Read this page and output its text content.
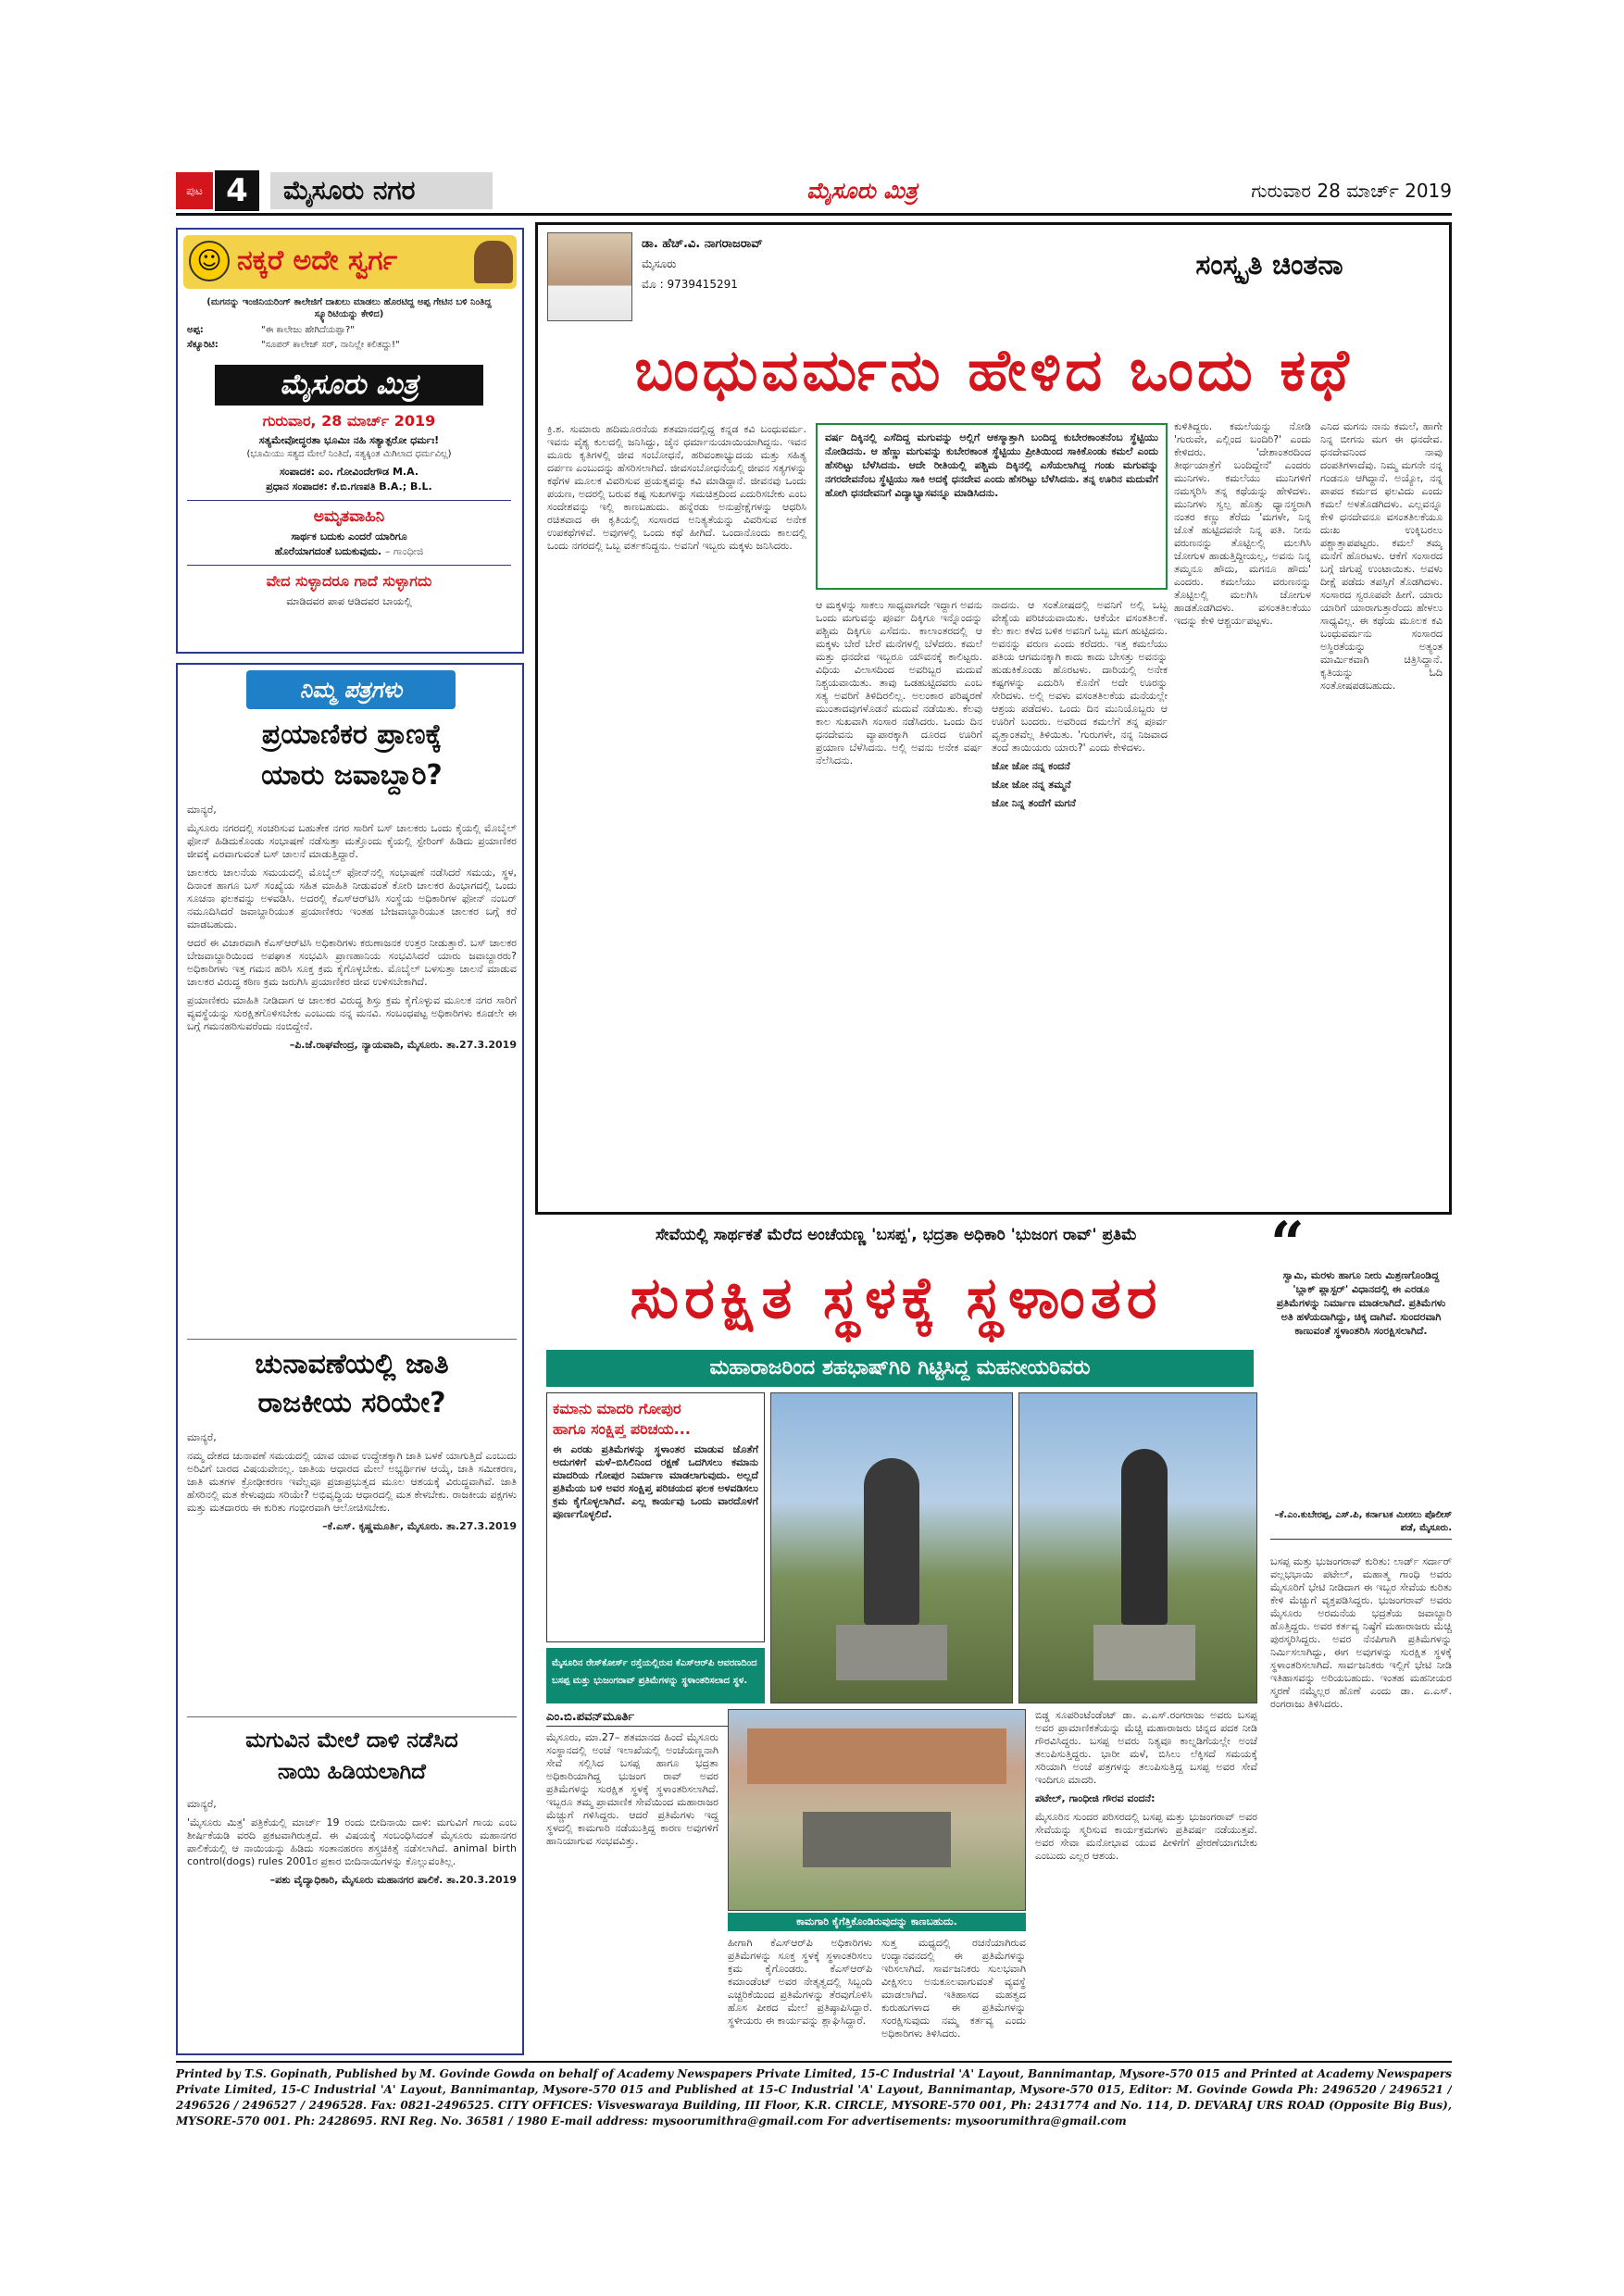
ಪುಟ 4	ಮೈಸೂರು ನಗರ	ಮೈಸೂರು ಮಿತ್ರ	ಗುರುವಾರ 28 ಮಾರ್ಚ್ 2019
☺ ನಕ್ಕರೆ ಅದೇ ಸ್ವರ್ಗ

(ಮಗನನ್ನು ಇಂಜಿನಿಯರಿಂಗ್ ಕಾಲೇಜಿಗೆ ದಾಖಲು ಮಾಡಲು ಹೊರಟಿದ್ದ ಅಪ್ಪ ಗೇಟಿನ ಬಳಿ ನಿಂತಿದ್ದ ಸ್ಕ್ಯೂರಿಟಿಯನ್ನು ಕೇಳಿದ)

ಅಪ್ಪ:	"ಈ ಕಾಲೇಜು ಹೇಗಿದೆಯಪ್ಪಾ?"
ಸೆಕ್ಯೂರಿಟಿ:	"ಸೂಪರ್ ಕಾಲೇಜ್ ಸರ್, ನಾನಿಲ್ಲೇ ಕಲಿತದ್ದು!"
ಮೈಸೂರು ಮಿತ್ರ
ಗುರುವಾರ, 28 ಮಾರ್ಚ್ 2019
ಸತ್ಯಮೇವೋದ್ಧರತಾ ಭೂಮಿಃ ನಹಿ ಸತ್ಯಾತ್ಪರೋ ಧರ್ಮಃ!
(ಭೂಮಿಯು ಸತ್ಯದ ಮೇಲೆ ನಿಂತಿದೆ, ಸತ್ಯಕ್ಕಿಂತ ಮಿಗಿಲಾದ ಧರ್ಮವಿಲ್ಲ)
ಸಂಪಾದಕ: ಎಂ. ಗೋವಿಂದೇಗೌಡ M.A.
ಪ್ರಧಾನ ಸಂಪಾದಕ: ಕೆ.ಬಿ.ಗಣಪತಿ B.A.; B.L.
ಅಮೃತವಾಹಿನಿ
ಸಾರ್ಥಕ ಬದುಕು ಎಂದರೆ ಯಾರಿಗೂ
ಹೊರೆಯಾಗದಂತೆ ಬದುಕುವುದು. – ಗಾಂಧೀಜಿ
ವೇದ ಸುಳ್ಳಾದರೂ ಗಾದೆ ಸುಳ್ಳಾಗದು
ಮಾಡಿದವರ ಪಾಪ ಆಡಿದವರ ಬಾಯಲ್ಲಿ
ನಿಮ್ಮ ಪತ್ರಗಳು
ಪ್ರಯಾಣಿಕರ ಪ್ರಾಣಕ್ಕೆ
ಯಾರು ಜವಾಬ್ದಾರಿ?

ಮಾನ್ಯರೆ,

ಮೈಸೂರು ನಗರದಲ್ಲಿ ಸಂಚರಿಸುವ ಬಹುತೇಕ ನಗರ ಸಾರಿಗೆ ಬಸ್ ಚಾಲಕರು ಒಂದು ಕೈಯಲ್ಲಿ ಮೊಬೈಲ್ ಫೋನ್ ಹಿಡಿದುಕೊಂಡು ಸಂಭಾಷಣೆ ನಡೆಸುತ್ತಾ ಮತ್ತೊಂದು ಕೈಯಲ್ಲಿ ಸ್ಟೇರಿಂಗ್ ಹಿಡಿದು ಪ್ರಯಾಣಿಕರ ಜೀವಕ್ಕೆ ಎರವಾಗುವಂತೆ ಬಸ್ ಚಾಲನೆ ಮಾಡುತ್ತಿದ್ದಾರೆ.

ಚಾಲಕರು ಚಾಲನೆಯ ಸಮಯದಲ್ಲಿ ಮೊಬೈಲ್ ಫೋನ್‌ನಲ್ಲಿ ಸಂಭಾಷಣೆ ನಡೆಸಿದರೆ ಸಮಯ, ಸ್ಥಳ, ದಿನಾಂಕ ಹಾಗೂ ಬಸ್ ಸಂಖ್ಯೆಯ ಸಹಿತ ಮಾಹಿತಿ ನೀಡುವಂತೆ ಕೋರಿ ಚಾಲಕರ ಹಿಂಭಾಗದಲ್ಲಿ ಒಂದು ಸೂಚನಾ ಫಲಕವನ್ನು ಅಳವಡಿಸಿ. ಅದರಲ್ಲಿ ಕೆಎಸ್ಆರ್‌ಟಿಸಿ ಸಂಸ್ಥೆಯ ಅಧಿಕಾರಿಗಳ ಫೋನ್ ನಂಬರ್ ನಮೂದಿಸಿದರೆ ಜವಾಬ್ದಾರಿಯುತ ಪ್ರಯಾಣಿಕರು ಇಂತಹ ಬೇಜವಾಬ್ದಾರಿಯುತ ಚಾಲಕರ ಬಗ್ಗೆ ಕರೆ ಮಾಡಬಹುದು.

ಆದರೆ ಈ ವಿಚಾರವಾಗಿ ಕೆಎಸ್ಆರ್‌ಟಿಸಿ ಅಧಿಕಾರಿಗಳು ಕರುಣಾಜನಕ ಉತ್ತರ ನೀಡುತ್ತಾರೆ. ಬಸ್ ಚಾಲಕರ ಬೇಜವಾಬ್ದಾರಿಯಿಂದ ಅಪಘಾತ ಸಂಭವಿಸಿ ಪ್ರಾಣಹಾನಿಯ ಸಂಭವಿಸಿದರೆ ಯಾರು ಜವಾಬ್ದಾರರು? ಅಧಿಕಾರಿಗಳು ಇತ್ತ ಗಮನ ಹರಿಸಿ ಸೂಕ್ತ ಕ್ರಮ ಕೈಗೊಳ್ಳಬೇಕು. ಮೊಬೈಲ್ ಬಳಸುತ್ತಾ ಚಾಲನೆ ಮಾಡುವ ಚಾಲಕರ ವಿರುದ್ಧ ಕಠಿಣ ಕ್ರಮ ಜರುಗಿಸಿ ಪ್ರಯಾಣಿಕರ ಜೀವ ಉಳಿಸಬೇಕಾಗಿದೆ.

ಪ್ರಯಾಣಿಕರು ಮಾಹಿತಿ ನೀಡಿದಾಗ ಆ ಚಾಲಕರ ವಿರುದ್ಧ ಶಿಸ್ತು ಕ್ರಮ ಕೈಗೊಳ್ಳುವ ಮೂಲಕ ನಗರ ಸಾರಿಗೆ ವ್ಯವಸ್ಥೆಯನ್ನು ಸುರಕ್ಷಿತಗೊಳಿಸಬೇಕು ಎಂಬುದು ನನ್ನ ಮನವಿ. ಸಂಬಂಧಪಟ್ಟ ಅಧಿಕಾರಿಗಳು ಕೂಡಲೇ ಈ ಬಗ್ಗೆ ಗಮನಹರಿಸುವರೆಂದು ನಂಬಿದ್ದೇನೆ.

–ಪಿ.ಜೆ.ರಾಘವೇಂದ್ರ, ನ್ಯಾಯವಾದಿ, ಮೈಸೂರು. ತಾ.27.3.2019

ಚುನಾವಣೆಯಲ್ಲಿ ಜಾತಿ
ರಾಜಕೀಯ ಸರಿಯೇ?

ಮಾನ್ಯರೆ,

ನಮ್ಮ ದೇಶದ ಚುನಾವಣೆ ಸಮಯದಲ್ಲಿ ಯಾವ ಯಾವ ಉದ್ದೇಶಕ್ಕಾಗಿ ಜಾತಿ ಬಳಕೆ ಯಾಗುತ್ತಿದೆ ಎಂಬುದು ಅರಿವಿಗೆ ಬಾರದ ವಿಷಯವೇನಲ್ಲ. ಜಾತಿಯ ಆಧಾರದ ಮೇಲೆ ಅಭ್ಯರ್ಥಿಗಳ ಆಯ್ಕೆ, ಜಾತಿ ಸಮೀಕರಣ, ಜಾತಿ ಮತಗಳ ಕ್ರೋಢೀಕರಣ ಇವೆಲ್ಲವೂ ಪ್ರಜಾಪ್ರಭುತ್ವದ ಮೂಲ ಆಶಯಕ್ಕೆ ವಿರುದ್ಧವಾಗಿವೆ. ಜಾತಿ ಹೆಸರಿನಲ್ಲಿ ಮತ ಕೇಳುವುದು ಸರಿಯೇ? ಅಭಿವೃದ್ಧಿಯ ಆಧಾರದಲ್ಲಿ ಮತ ಕೇಳಬೇಕು. ರಾಜಕೀಯ ಪಕ್ಷಗಳು ಮತ್ತು ಮತದಾರರು ಈ ಕುರಿತು ಗಂಭೀರವಾಗಿ ಆಲೋಚಿಸಬೇಕು.

–ಕೆ.ಎಸ್. ಕೃಷ್ಣಮೂರ್ತಿ, ಮೈಸೂರು. ತಾ.27.3.2019

ಮಗುವಿನ ಮೇಲೆ ದಾಳಿ ನಡೆಸಿದ
ನಾಯಿ ಹಿಡಿಯಲಾಗಿದೆ

ಮಾನ್ಯರೆ,

'ಮೈಸೂರು ಮಿತ್ರ' ಪತ್ರಿಕೆಯಲ್ಲಿ ಮಾರ್ಚ್ 19 ರಂದು ಬೀದಿನಾಯಿ ದಾಳಿ: ಮಗುವಿಗೆ ಗಾಯ ಎಂಬ ಶೀರ್ಷಿಕೆಯಡಿ ವರದಿ ಪ್ರಕಟವಾಗಿರುತ್ತದೆ. ಈ ವಿಷಯಕ್ಕೆ ಸಂಬಂಧಿಸಿದಂತೆ ಮೈಸೂರು ಮಹಾನಗರ ಪಾಲಿಕೆಯಲ್ಲಿ ಆ ನಾಯಿಯನ್ನು ಹಿಡಿದು ಸಂತಾನಹರಣ ಶಸ್ತ್ರಚಿಕಿತ್ಸೆ ನಡೆಸಲಾಗಿದೆ. animal birth control(dogs) rules 2001ರ ಪ್ರಕಾರ ಬೀದಿನಾಯಿಗಳನ್ನು ಕೊಲ್ಲುವಂತಿಲ್ಲ.

–ಪಶು ವೈದ್ಯಾಧಿಕಾರಿ, ಮೈಸೂರು ಮಹಾನಗರ ಪಾಲಿಕೆ. ತಾ.20.3.2019

ಡಾ. ಹೆಚ್.ವಿ. ನಾಗರಾಜರಾವ್
ಮೈಸೂರು
ಮೊ : 9739415291
ಸಂಸ್ಕೃತಿ ಚಿಂತನಾ
ಬಂಧುವರ್ಮನು ಹೇಳಿದ ಒಂದು ಕಥೆ

ವರ್ಷ ದಿಕ್ಕಿನಲ್ಲಿ ಎಸೆದಿದ್ದ ಮಗುವನ್ನು ಅಲ್ಲಿಗೆ ಆಕಸ್ಮಾತ್ತಾಗಿ ಬಂದಿದ್ದ ಕುಬೇರಕಾಂತನೆಂಬ ಸ್ಥೆಟ್ಟಿಯು ನೋಡಿದನು. ಆ ಹೆಣ್ಣು ಮಗುವನ್ನು ಕುಬೇರಕಾಂತ ಸ್ಥೆಟ್ಟಿಯು ಪ್ರೀತಿಯಿಂದ ಸಾಕಿಕೊಂಡು ಕಮಲೆ ಎಂದು ಹೆಸರಿಟ್ಟು ಬೆಳೆಸಿದನು. ಆದೇ ರೀತಿಯಲ್ಲಿ ಪಶ್ಚಿಮ ದಿಕ್ಕಿನಲ್ಲಿ ಎಸೆಯಲಾಗಿದ್ದ ಗಂಡು ಮಗುವನ್ನು ನಗರದೇವನೆಂಬ ಸ್ಥೆಟ್ಟಿಯು ಸಾಕಿ ಅದಕ್ಕೆ ಧನದೇವ ಎಂದು ಹೆಸರಿಟ್ಟು ಬೆಳೆಸಿದನು. ತನ್ನ ಊರಿನ ಮದುವೆಗೆ ಹೋಗಿ ಧನದೇವನಿಗೆ ವಿದ್ಯಾಭ್ಯಾಸವನ್ನೂ ಮಾಡಿಸಿದನು.

ಕ್ರಿ.ಶ. ಸುಮಾರು ಹದಿಮೂರನೆಯ ಶತಮಾನದಲ್ಲಿದ್ದ ಕನ್ನಡ ಕವಿ ಬಂಧುವರ್ಮ. ಇವನು ವೈಶ್ಯ ಕುಲದಲ್ಲಿ ಜನಿಸಿದ್ದು, ಜೈನ ಧರ್ಮಾನುಯಾಯಿಯಾಗಿದ್ದನು. ಇವನ ಮೂರು ಕೃತಿಗಳಲ್ಲಿ ಜೀವ ಸಂಬೋಧನೆ, ಹರಿವಂಶಾಭ್ಯುದಯ ಮತ್ತು ಸಹಿತ್ಯ ದರ್ಪಣ ಎಂಬುದನ್ನು ಹೆಸರಿಸಲಾಗಿದೆ. ಜೀವಸಂಬೋಧನೆಯಲ್ಲಿ ಜೀವನ ಸತ್ಯಗಳನ್ನು ಕಥೆಗಳ ಮೂಲಕ ವಿವರಿಸುವ ಪ್ರಯತ್ನವನ್ನು ಕವಿ ಮಾಡಿದ್ದಾನೆ. ಜೀವನವು ಒಂದು ಪಯಣ, ಅದರಲ್ಲಿ ಬರುವ ಕಷ್ಟ ಸುಖಗಳನ್ನು ಸಮಚಿತ್ತದಿಂದ ಎದುರಿಸಬೇಕು ಎಂಬ ಸಂದೇಶವನ್ನು ಇಲ್ಲಿ ಕಾಣಬಹುದು. ಹನ್ನೆರಡು ಅನುಪ್ರೇಕ್ಷೆಗಳನ್ನು ಆಧರಿಸಿ ರಚಿತವಾದ ಈ ಕೃತಿಯಲ್ಲಿ ಸಂಸಾರದ ಅನಿತ್ಯತೆಯನ್ನು ವಿವರಿಸುವ ಅನೇಕ ಉಪಕಥೆಗಳಿವೆ. ಅವುಗಳಲ್ಲಿ ಒಂದು ಕಥೆ ಹೀಗಿದೆ. ಒಂದಾನೊಂದು ಕಾಲದಲ್ಲಿ ಒಂದು ನಗರದಲ್ಲಿ ಒಬ್ಬ ವರ್ತಕನಿದ್ದನು. ಅವನಿಗೆ ಇಬ್ಬರು ಮಕ್ಕಳು ಜನಿಸಿದರು.

ಆ ಮಕ್ಕಳನ್ನು ಸಾಕಲು ಸಾಧ್ಯವಾಗದೇ ಇದ್ದಾಗ ಅವನು ಒಂದು ಮಗುವನ್ನು ಪೂರ್ವ ದಿಕ್ಕಿಗೂ ಇನ್ನೊಂದನ್ನು ಪಶ್ಚಿಮ ದಿಕ್ಕಿಗೂ ಎಸೆದನು. ಕಾಲಾಂತರದಲ್ಲಿ ಆ ಮಕ್ಕಳು ಬೇರೆ ಬೇರೆ ಮನೆಗಳಲ್ಲಿ ಬೆಳೆದರು. ಕಮಲೆ ಮತ್ತು ಧನದೇವ ಇಬ್ಬರೂ ಯೌವನಕ್ಕೆ ಕಾಲಿಟ್ಟರು. ವಿಧಿಯ ವಿಲಾಸದಿಂದ ಅವರಿಬ್ಬರ ಮದುವೆ ನಿಶ್ಚಯವಾಯಿತು. ತಾವು ಒಡಹುಟ್ಟಿದವರು ಎಂಬ ಸತ್ಯ ಅವರಿಗೆ ತಿಳಿದಿರಲಿಲ್ಲ. ಅಲಂಕಾರ ಪರಿಷ್ಕರಣೆ ಮುಂತಾದವುಗಳೊಡನೆ ಮದುವೆ ನಡೆಯಿತು. ಕೆಲವು ಕಾಲ ಸುಖವಾಗಿ ಸಂಸಾರ ನಡೆಸಿದರು. ಒಂದು ದಿನ ಧನದೇವನು ವ್ಯಾಪಾರಕ್ಕಾಗಿ ದೂರದ ಊರಿಗೆ ಪ್ರಯಾಣ ಬೆಳೆಸಿದನು. ಅಲ್ಲಿ ಅವನು ಅನೇಕ ವರ್ಷ ನೆಲೆಸಿದನು.

ನಾದನು. ಆ ಸಂತೋಷದಲ್ಲಿ ಅವನಿಗೆ ಅಲ್ಲಿ ಒಬ್ಬ ವೇಶ್ಯೆಯ ಪರಿಚಯವಾಯಿತು. ಆಕೆಯೇ ವಸಂತತಿಲಕೆ. ಕೆಲ ಕಾಲ ಕಳೆದ ಬಳಿಕ ಅವನಿಗೆ ಒಬ್ಬ ಮಗ ಹುಟ್ಟಿದನು. ಅವನನ್ನು ವರುಣ ಎಂದು ಕರೆದರು. ಇತ್ತ ಕಮಲೆಯು ಪತಿಯ ಆಗಮನಕ್ಕಾಗಿ ಕಾದು ಕಾದು ಬೇಸತ್ತು ಅವನನ್ನು ಹುಡುಕಿಕೊಂಡು ಹೊರಟಳು. ದಾರಿಯಲ್ಲಿ ಅನೇಕ ಕಷ್ಟಗಳನ್ನು ಎದುರಿಸಿ ಕೊನೆಗೆ ಅದೇ ಊರನ್ನು ಸೇರಿದಳು. ಅಲ್ಲಿ ಅವಳು ವಸಂತತಿಲಕೆಯ ಮನೆಯಲ್ಲೇ ಆಶ್ರಯ ಪಡೆದಳು. ಒಂದು ದಿನ ಮುನಿಯೊಬ್ಬರು ಆ ಊರಿಗೆ ಬಂದರು. ಅವರಿಂದ ಕಮಲೆಗೆ ತನ್ನ ಪೂರ್ವ ವೃತ್ತಾಂತವೆಲ್ಲ ತಿಳಿಯಿತು. 'ಗುರುಗಳೇ, ನನ್ನ ನಿಜವಾದ ತಂದೆ ತಾಯಿಯರು ಯಾರು?' ಎಂದು ಕೇಳಿದಳು.

ಜೋ ಜೋ ನನ್ನ ಕಂದನೆ

ಜೋ ಜೋ ನನ್ನ ತಮ್ಮನೆ

ಜೋ ನಿನ್ನ ತಂದೆಗೆ ಮಗನೆ

ಕುಳಿತಿದ್ದರು. ಕಮಲೆಯನ್ನು ನೋಡಿ 'ಗುರುವೇ, ಎಲ್ಲಿಂದ ಬಂದಿರಿ?' ಎಂದು ಕೇಳಿದರು. 'ದೇಶಾಂತರದಿಂದ ತೀರ್ಥಯಾತ್ರೆಗೆ ಬಂದಿದ್ದೇನೆ' ಎಂದರು ಮುನಿಗಳು. ಕಮಲೆಯು ಮುನಿಗಳಿಗೆ ನಮಸ್ಕರಿಸಿ ತನ್ನ ಕಥೆಯನ್ನು ಹೇಳಿದಳು. ಮುನಿಗಳು ಸ್ವಲ್ಪ ಹೊತ್ತು ಧ್ಯಾನಸ್ಥರಾಗಿ ನಂತರ ಕಣ್ಣು ತೆರೆದು 'ಮಗಳೇ, ನಿನ್ನ ಜೊತೆ ಹುಟ್ಟಿದವನೇ ನಿನ್ನ ಪತಿ. ನೀನು ವರುಣನನ್ನು ತೊಟ್ಟಿಲಲ್ಲಿ ಮಲಗಿಸಿ ಜೋಗುಳ ಹಾಡುತ್ತಿದ್ದೀಯಲ್ಲ, ಅವನು ನಿನ್ನ ತಮ್ಮನೂ ಹೌದು, ಮಗನೂ ಹೌದು' ಎಂದರು. ಕಮಲೆಯು ವರುಣನನ್ನು ತೊಟ್ಟಿಲಲ್ಲಿ ಮಲಗಿಸಿ ಜೋಗುಳ ಹಾಡತೊಡಗಿದಳು. ವಸಂತತಿಲಕೆಯು ಇದನ್ನು ಕೇಳಿ ಆಶ್ಚರ್ಯಪಟ್ಟಳು.

ಎನಿದ ಮಗನು ನಾನು ಕಮಲೆ, ಹಾಗೇ ನಿನ್ನ ಬೀಗನು ಮಗ ಈ ಧನದೇವ. ಧನದೇವನಿಂದ ನಾವು ದಂಪತಿಗಳಾದೆವು. ನಿಮ್ಮ ಮಗನೇ ನನ್ನ ಗಂಡನೂ ಆಗಿದ್ದಾನೆ. ಅಯ್ಯೋ, ನನ್ನ ಪಾಪದ ಕರ್ಮದ ಫಲವಿದು ಎಂದು ಕಮಲೆ ಅಳತೊಡಗಿದಳು. ಎಲ್ಲವನ್ನೂ ಕೇಳಿ ಧನದೇವನೂ ವಸಂತತಿಲಕೆಯೂ ದುಃಖ ಉಕ್ಕಿಬರಲು ಪಶ್ಚಾತ್ತಾಪಪಟ್ಟರು. ಕಮಲೆ ತಮ್ಮ ಮನೆಗೆ ಹೊರಟಳು. ಆಕೆಗೆ ಸಂಸಾರದ ಬಗ್ಗೆ ಜಿಗುಪ್ಸೆ ಉಂಟಾಯಿತು. ಅವಳು ದೀಕ್ಷೆ ಪಡೆದು ತಪಸ್ಸಿಗೆ ತೊಡಗಿದಳು. ಸಂಸಾರದ ಸ್ವರೂಪವೇ ಹೀಗೆ. ಯಾರು ಯಾರಿಗೆ ಯಾರಾಗುತ್ತಾರೆಂದು ಹೇಳಲು ಸಾಧ್ಯವಿಲ್ಲ. ಈ ಕಥೆಯ ಮೂಲಕ ಕವಿ ಬಂಧುವರ್ಮನು ಸಂಸಾರದ ಅಸ್ಥಿರತೆಯನ್ನು ಅತ್ಯಂತ ಮಾರ್ಮಿಕವಾಗಿ ಚಿತ್ರಿಸಿದ್ದಾನೆ. ಕೃತಿಯನ್ನು ಓದಿ ಸಂತೋಷಪಡಬಹುದು.

ಸೇವೆಯಲ್ಲಿ ಸಾರ್ಥಕತೆ ಮೆರೆದ ಅಂಚೆಯಣ್ಣ 'ಬಸಪ್ಪ', ಭದ್ರತಾ ಅಧಿಕಾರಿ 'ಭುಜಂಗ ರಾವ್' ಪ್ರತಿಮೆ
ಸುರಕ್ಷಿತ ಸ್ಥಳಕ್ಕೆ ಸ್ಥಳಾಂತರ
ಮಹಾರಾಜರಿಂದ ಶಹಭಾಷ್‌ಗಿರಿ ಗಿಟ್ಟಿಸಿದ್ದ ಮಹನೀಯರಿವರು
ಕಮಾನು ಮಾದರಿ ಗೋಪುರ
ಹಾಗೂ ಸಂಕ್ಷಿಪ್ತ ಪರಿಚಯ...

ಈ ಎರಡು ಪ್ರತಿಮೆಗಳನ್ನು ಸ್ಥಳಾಂತರ ಮಾಡುವ ಜೊತೆಗೆ ಅದುಗಳಿಗೆ ಮಳೆ–ಬಿಸಿಲಿನಿಂದ ರಕ್ಷಣೆ ಒದಗಿಸಲು ಕಮಾನು ಮಾದರಿಯ ಗೋಪುರ ನಿರ್ಮಾಣ ಮಾಡಲಾಗುವುದು. ಅಲ್ಲದೆ ಪ್ರತಿಮೆಯ ಬಳಿ ಅವರ ಸಂಕ್ಷಿಪ್ತ ಪರಿಚಯದ ಫಲಕ ಅಳವಡಿಸಲು ಕ್ರಮ ಕೈಗೊಳ್ಳಲಾಗಿದೆ. ಎಲ್ಲ ಕಾರ್ಯವು ಒಂದು ವಾರದೊಳಗೆ ಪೂರ್ಣಗೊಳ್ಳಲಿದೆ.

ಮೈಸೂರಿನ ರೇಸ್‌ಕೋರ್ಸ್ ರಸ್ತೆಯಲ್ಲಿರುವ ಕೆಎಸ್ಆರ್‌ಪಿ ಆವರಣದಿಂದ ಬಸಪ್ಪ ಮತ್ತು ಭುಜಂಗರಾವ್ ಪ್ರತಿಮೆಗಳನ್ನು ಸ್ಥಳಾಂತರಿಸಲಾದ ಸ್ಥಳ.
ಎಂ.ಬಿ.ಪವನ್‌ಮೂರ್ತಿ

ಮೈಸೂರು, ಮಾ.27– ಶತಮಾನದ ಹಿಂದೆ ಮೈಸೂರು ಸಂಸ್ಥಾನದಲ್ಲಿ ಅಂಚೆ ಇಲಾಖೆಯಲ್ಲಿ ಅಂಚೆಯಣ್ಣನಾಗಿ ಸೇವೆ ಸಲ್ಲಿಸಿದ ಬಸಪ್ಪ ಹಾಗೂ ಭದ್ರತಾ ಅಧಿಕಾರಿಯಾಗಿದ್ದ ಭುಜಂಗ ರಾವ್ ಅವರ ಪ್ರತಿಮೆಗಳನ್ನು ಸುರಕ್ಷಿತ ಸ್ಥಳಕ್ಕೆ ಸ್ಥಳಾಂತರಿಸಲಾಗಿದೆ. ಇಬ್ಬರೂ ತಮ್ಮ ಪ್ರಾಮಾಣಿಕ ಸೇವೆಯಿಂದ ಮಹಾರಾಜರ ಮೆಚ್ಚುಗೆ ಗಳಿಸಿದ್ದರು. ಆದರೆ ಪ್ರತಿಮೆಗಳು ಇದ್ದ ಸ್ಥಳದಲ್ಲಿ ಕಾಮಗಾರಿ ನಡೆಯುತ್ತಿದ್ದ ಕಾರಣ ಅವುಗಳಿಗೆ ಹಾನಿಯಾಗುವ ಸಂಭವವಿತ್ತು.

ಕಾಮಗಾರಿ ಕೈಗೆತ್ತಿಕೊಂಡಿರುವುದನ್ನು ಕಾಣಬಹುದು.

ಹೀಗಾಗಿ ಕೆಎಸ್ಆರ್‌ಪಿ ಅಧಿಕಾರಿಗಳು ಪ್ರತಿಮೆಗಳನ್ನು ಸೂಕ್ತ ಸ್ಥಳಕ್ಕೆ ಸ್ಥಳಾಂತರಿಸಲು ಕ್ರಮ ಕೈಗೊಂಡರು. ಕೆಎಸ್ಆರ್‌ಪಿ ಕಮಾಂಡೆಂಟ್ ಅವರ ನೇತೃತ್ವದಲ್ಲಿ ಸಿಬ್ಬಂದಿ ಎಚ್ಚರಿಕೆಯಿಂದ ಪ್ರತಿಮೆಗಳನ್ನು ತೆರವುಗೊಳಿಸಿ ಹೊಸ ಪೀಠದ ಮೇಲೆ ಪ್ರತಿಷ್ಠಾಪಿಸಿದ್ದಾರೆ. ಸ್ಥಳೀಯರು ಈ ಕಾರ್ಯವನ್ನು ಶ್ಲಾಘಿಸಿದ್ದಾರೆ.

ಸುತ್ತ ಮಧ್ಯದಲ್ಲಿ ರಚನೆಯಾಗಿರುವ ಉದ್ಯಾನವನದಲ್ಲಿ ಈ ಪ್ರತಿಮೆಗಳನ್ನು ಇರಿಸಲಾಗಿದೆ. ಸಾರ್ವಜನಿಕರು ಸುಲಭವಾಗಿ ವೀಕ್ಷಿಸಲು ಅನುಕೂಲವಾಗುವಂತೆ ವ್ಯವಸ್ಥೆ ಮಾಡಲಾಗಿದೆ. ಇತಿಹಾಸದ ಮಹತ್ವದ ಕುರುಹುಗಳಾದ ಈ ಪ್ರತಿಮೆಗಳನ್ನು ಸಂರಕ್ಷಿಸುವುದು ನಮ್ಮ ಕರ್ತವ್ಯ ಎಂದು ಅಧಿಕಾರಿಗಳು ತಿಳಿಸಿದರು.

ಬಿಡ್ಡ ಸೂಪರಿಂಟೆಂಡೆಂಟ್ ಡಾ. ಎ.ಎಸ್.ರಂಗರಾಜು ಅವರು ಬಸಪ್ಪ ಅವರ ಪ್ರಾಮಾಣಿಕತೆಯನ್ನು ಮೆಚ್ಚಿ ಮಹಾರಾಜರು ಚಿನ್ನದ ಪದಕ ನೀಡಿ ಗೌರವಿಸಿದ್ದರು. ಬಸಪ್ಪ ಅವರು ನಿತ್ಯವೂ ಕಾಲ್ನಡಿಗೆಯಲ್ಲೇ ಅಂಚೆ ತಲುಪಿಸುತ್ತಿದ್ದರು. ಭಾರೀ ಮಳೆ, ಬಿಸಿಲು ಲೆಕ್ಕಿಸದೆ ಸಮಯಕ್ಕೆ ಸರಿಯಾಗಿ ಅಂಚೆ ಪತ್ರಗಳನ್ನು ತಲುಪಿಸುತ್ತಿದ್ದ ಬಸಪ್ಪ ಅವರ ಸೇವೆ ಇಂದಿಗೂ ಮಾದರಿ.

ಪಟೇಲ್, ಗಾಂಧೀಜಿ ಗೌರವ ವಂದನೆ:

ಮೈಸೂರಿನ ಸುಂದರ ಪರಿಸರದಲ್ಲಿ ಬಸಪ್ಪ ಮತ್ತು ಭುಜಂಗರಾವ್ ಅವರ ಸೇವೆಯನ್ನು ಸ್ಮರಿಸುವ ಕಾರ್ಯಕ್ರಮಗಳು ಪ್ರತಿವರ್ಷ ನಡೆಯುತ್ತವೆ. ಅವರ ಸೇವಾ ಮನೋಭಾವ ಯುವ ಪೀಳಿಗೆಗೆ ಪ್ರೇರಣೆಯಾಗಬೇಕು ಎಂಬುದು ಎಲ್ಲರ ಆಶಯ.

“

ಸ್ವಾಮಿ, ಮರಳು ಹಾಗೂ ನೀರು ಮಿಶ್ರಣಗೊಂಡಿದ್ದ 'ಬ್ಲಾಕ್ ಪ್ಲಾಸ್ಟರ್' ವಿಧಾನದಲ್ಲಿ ಈ ಎರಡೂ ಪ್ರತಿಮೆಗಳನ್ನು ನಿರ್ಮಾಣ ಮಾಡಲಾಗಿದೆ. ಪ್ರತಿಮೆಗಳು ಅತಿ ಹಳೆಯದಾಗಿದ್ದು, ಚಿಕ್ಕ ದಾಗಿವೆ. ಸುಂದರವಾಗಿ ಕಾಣುವಂತೆ ಸ್ಥಳಾಂತರಿಸಿ ಸಂರಕ್ಷಿಸಲಾಗಿದೆ.

–ಕೆ.ಎಂ.ಕುಬೇರಪ್ಪ, ಎಸ್.ಪಿ, ಕರ್ನಾಟಕ ಮೀಸಲು ಪೊಲೀಸ್ ಪಡೆ, ಮೈಸೂರು.

ಬಸಪ್ಪ ಮತ್ತು ಭುಜಂಗರಾವ್ ಕುರಿತು: ಲಾರ್ಡ್ ಸರ್ದಾರ್ ವಲ್ಲಭಭಾಯಿ ಪಟೇಲ್, ಮಹಾತ್ಮ ಗಾಂಧಿ ಅವರು ಮೈಸೂರಿಗೆ ಭೇಟಿ ನೀಡಿದಾಗ ಈ ಇಬ್ಬರ ಸೇವೆಯ ಕುರಿತು ಕೇಳಿ ಮೆಚ್ಚುಗೆ ವ್ಯಕ್ತಪಡಿಸಿದ್ದರು. ಭುಜಂಗರಾವ್ ಅವರು ಮೈಸೂರು ಅರಮನೆಯ ಭದ್ರತೆಯ ಜವಾಬ್ದಾರಿ ಹೊತ್ತಿದ್ದರು. ಅವರ ಕರ್ತವ್ಯ ನಿಷ್ಠೆಗೆ ಮಹಾರಾಜರು ಮೆಚ್ಚಿ ಪುರಸ್ಕರಿಸಿದ್ದರು. ಅವರ ನೆನಪಿಗಾಗಿ ಪ್ರತಿಮೆಗಳನ್ನು ನಿರ್ಮಿಸಲಾಗಿದ್ದು, ಈಗ ಅವುಗಳನ್ನು ಸುರಕ್ಷಿತ ಸ್ಥಳಕ್ಕೆ ಸ್ಥಳಾಂತರಿಸಲಾಗಿದೆ. ಸಾರ್ವಜನಿಕರು ಇಲ್ಲಿಗೆ ಭೇಟಿ ನೀಡಿ ಇತಿಹಾಸವನ್ನು ಅರಿಯಬಹುದು. ಇಂತಹ ಮಹನೀಯರ ಸ್ಮರಣೆ ನಮ್ಮೆಲ್ಲರ ಹೊಣೆ ಎಂದು ಡಾ. ಎ.ಎಸ್. ರಂಗರಾಜು ತಿಳಿಸಿದರು.

Printed by T.S. Gopinath, Published by M. Govinde Gowda on behalf of Academy Newspapers Private Limited, 15-C Industrial 'A' Layout, Bannimantap, Mysore-570 015 and Printed at Academy Newspapers Private Limited, 15-C Industrial 'A' Layout, Bannimantap, Mysore-570 015 and Published at 15-C Industrial 'A' Layout, Bannimantap, Mysore-570 015, Editor: M. Govinde Gowda Ph: 2496520 / 2496521 / 2496526 / 2496527 / 2496528. Fax: 0821-2496525. CITY OFFICES: Visveswaraya Building, III Floor, K.R. CIRCLE, MYSORE-570 001, Ph: 2431774 and No. 114, D. DEVARAJ URS ROAD (Opposite Big Bus), MYSORE-570 001. Ph: 2428695. RNI Reg. No. 36581 / 1980 E-mail address: mysoorumithra@gmail.com For advertisements: mysoorumithra@gmail.com
